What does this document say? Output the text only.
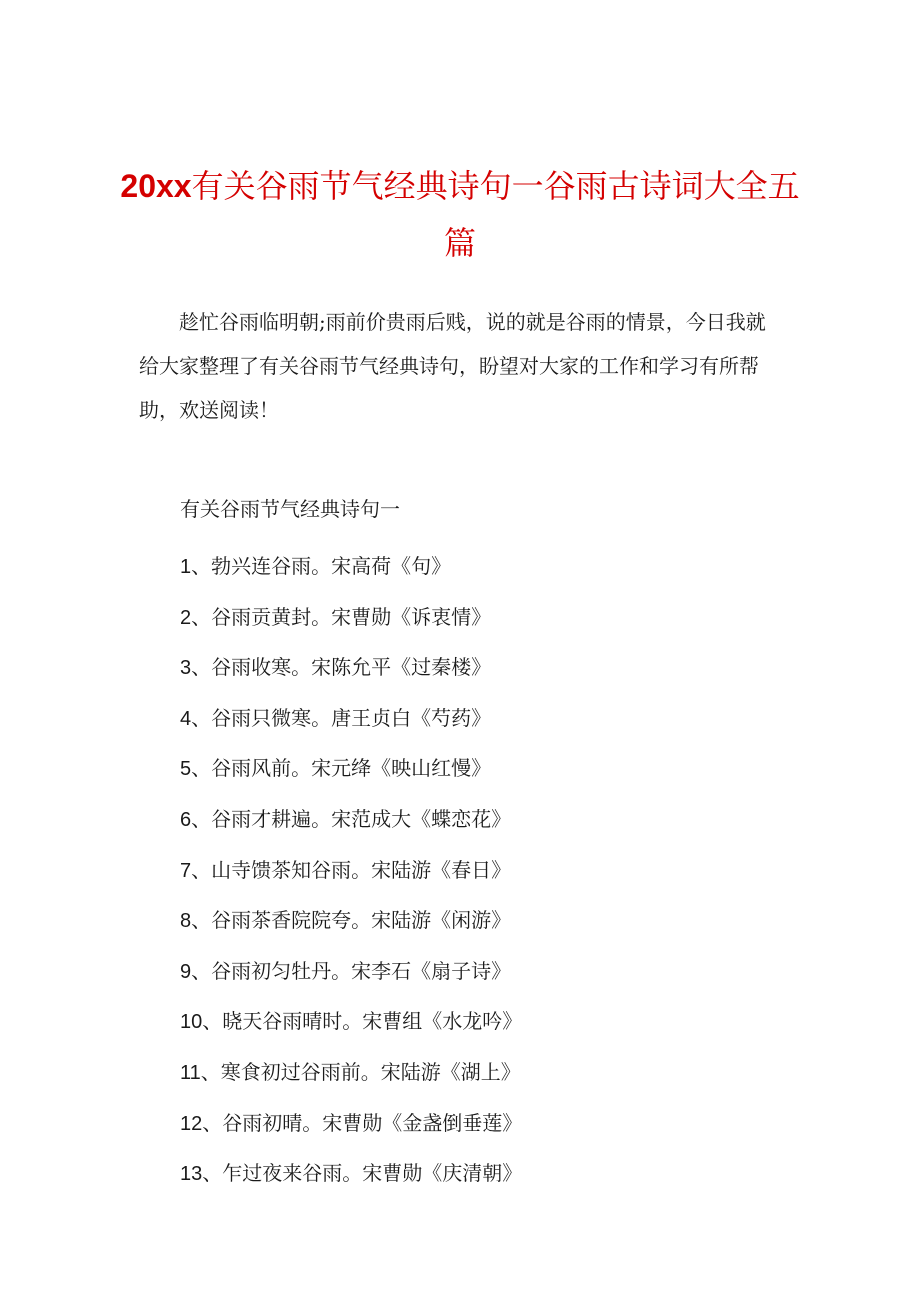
20xx有关谷雨节气经典诗句一谷雨古诗词大全五篇

趁忙谷雨临明朝;雨前价贵雨后贱，说的就是谷雨的情景，今日我就给大家整理了有关谷雨节气经典诗句，盼望对大家的工作和学习有所帮助，欢送阅读！

有关谷雨节气经典诗句一

1、勃兴连谷雨。宋高荷《句》
2、谷雨贡黄封。宋曹勋《诉衷情》
3、谷雨收寒。宋陈允平《过秦楼》
4、谷雨只微寒。唐王贞白《芍药》
5、谷雨风前。宋元绛《映山红慢》
6、谷雨才耕遍。宋范成大《蝶恋花》
7、山寺馈茶知谷雨。宋陆游《春日》
8、谷雨茶香院院夸。宋陆游《闲游》
9、谷雨初匀牡丹。宋李石《扇子诗》
10、晓天谷雨晴时。宋曹组《水龙吟》
11、寒食初过谷雨前。宋陆游《湖上》
12、谷雨初晴。宋曹勋《金盏倒垂莲》
13、乍过夜来谷雨。宋曹勋《庆清朝》
